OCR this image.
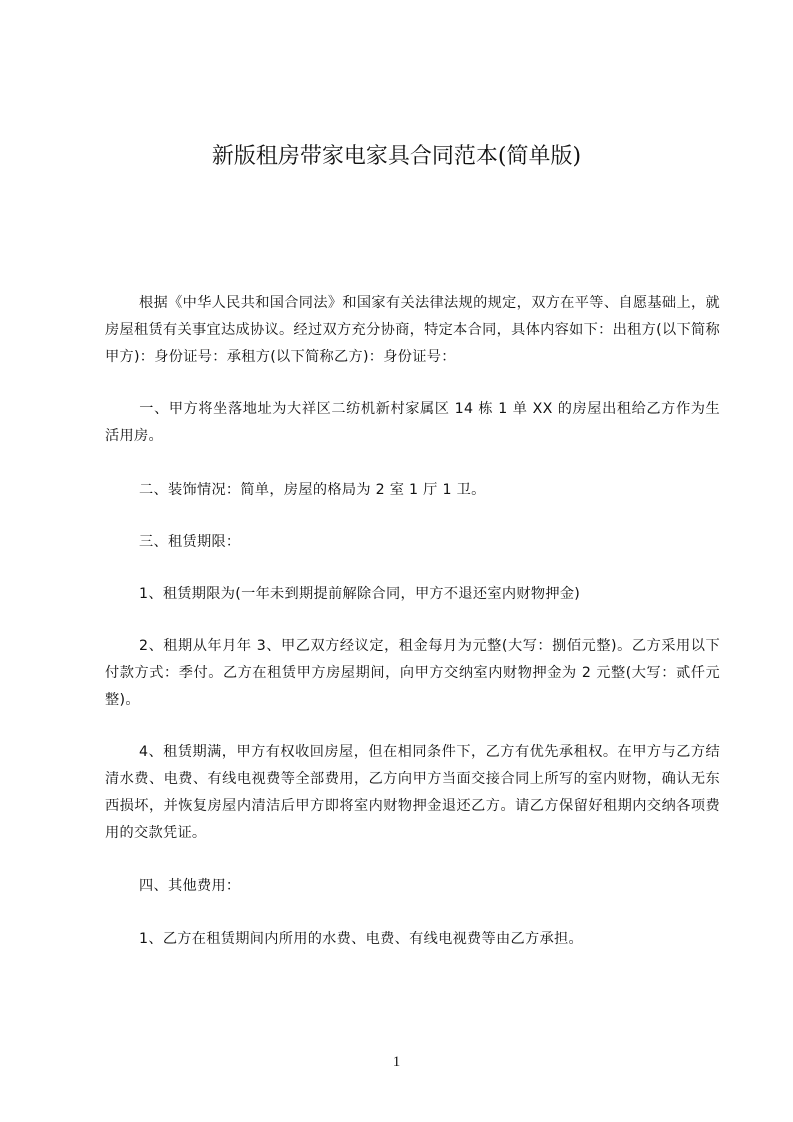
新版租房带家电家具合同范本(简单版)
根据《中华人民共和国合同法》和国家有关法律法规的规定，双方在平等、自愿基础上，就房屋租赁有关事宜达成协议。经过双方充分协商，特定本合同，具体内容如下：出租方(以下简称甲方)：身份证号：承租方(以下简称乙方)：身份证号：
一、甲方将坐落地址为大祥区二纺机新村家属区 14 栋 1 单 XX 的房屋出租给乙方作为生活用房。
二、装饰情况：简单，房屋的格局为 2 室 1 厅 1 卫。
三、租赁期限：
1、租赁期限为(一年未到期提前解除合同，甲方不退还室内财物押金)
2、租期从年月年 3、甲乙双方经议定，租金每月为元整(大写：捌佰元整)。乙方采用以下付款方式：季付。乙方在租赁甲方房屋期间，向甲方交纳室内财物押金为 2 元整(大写：贰仟元整)。
4、租赁期满，甲方有权收回房屋，但在相同条件下，乙方有优先承租权。在甲方与乙方结清水费、电费、有线电视费等全部费用，乙方向甲方当面交接合同上所写的室内财物，确认无东西损坏，并恢复房屋内清洁后甲方即将室内财物押金退还乙方。请乙方保留好租期内交纳各项费用的交款凭证。
四、其他费用：
1、乙方在租赁期间内所用的水费、电费、有线电视费等由乙方承担。
1
